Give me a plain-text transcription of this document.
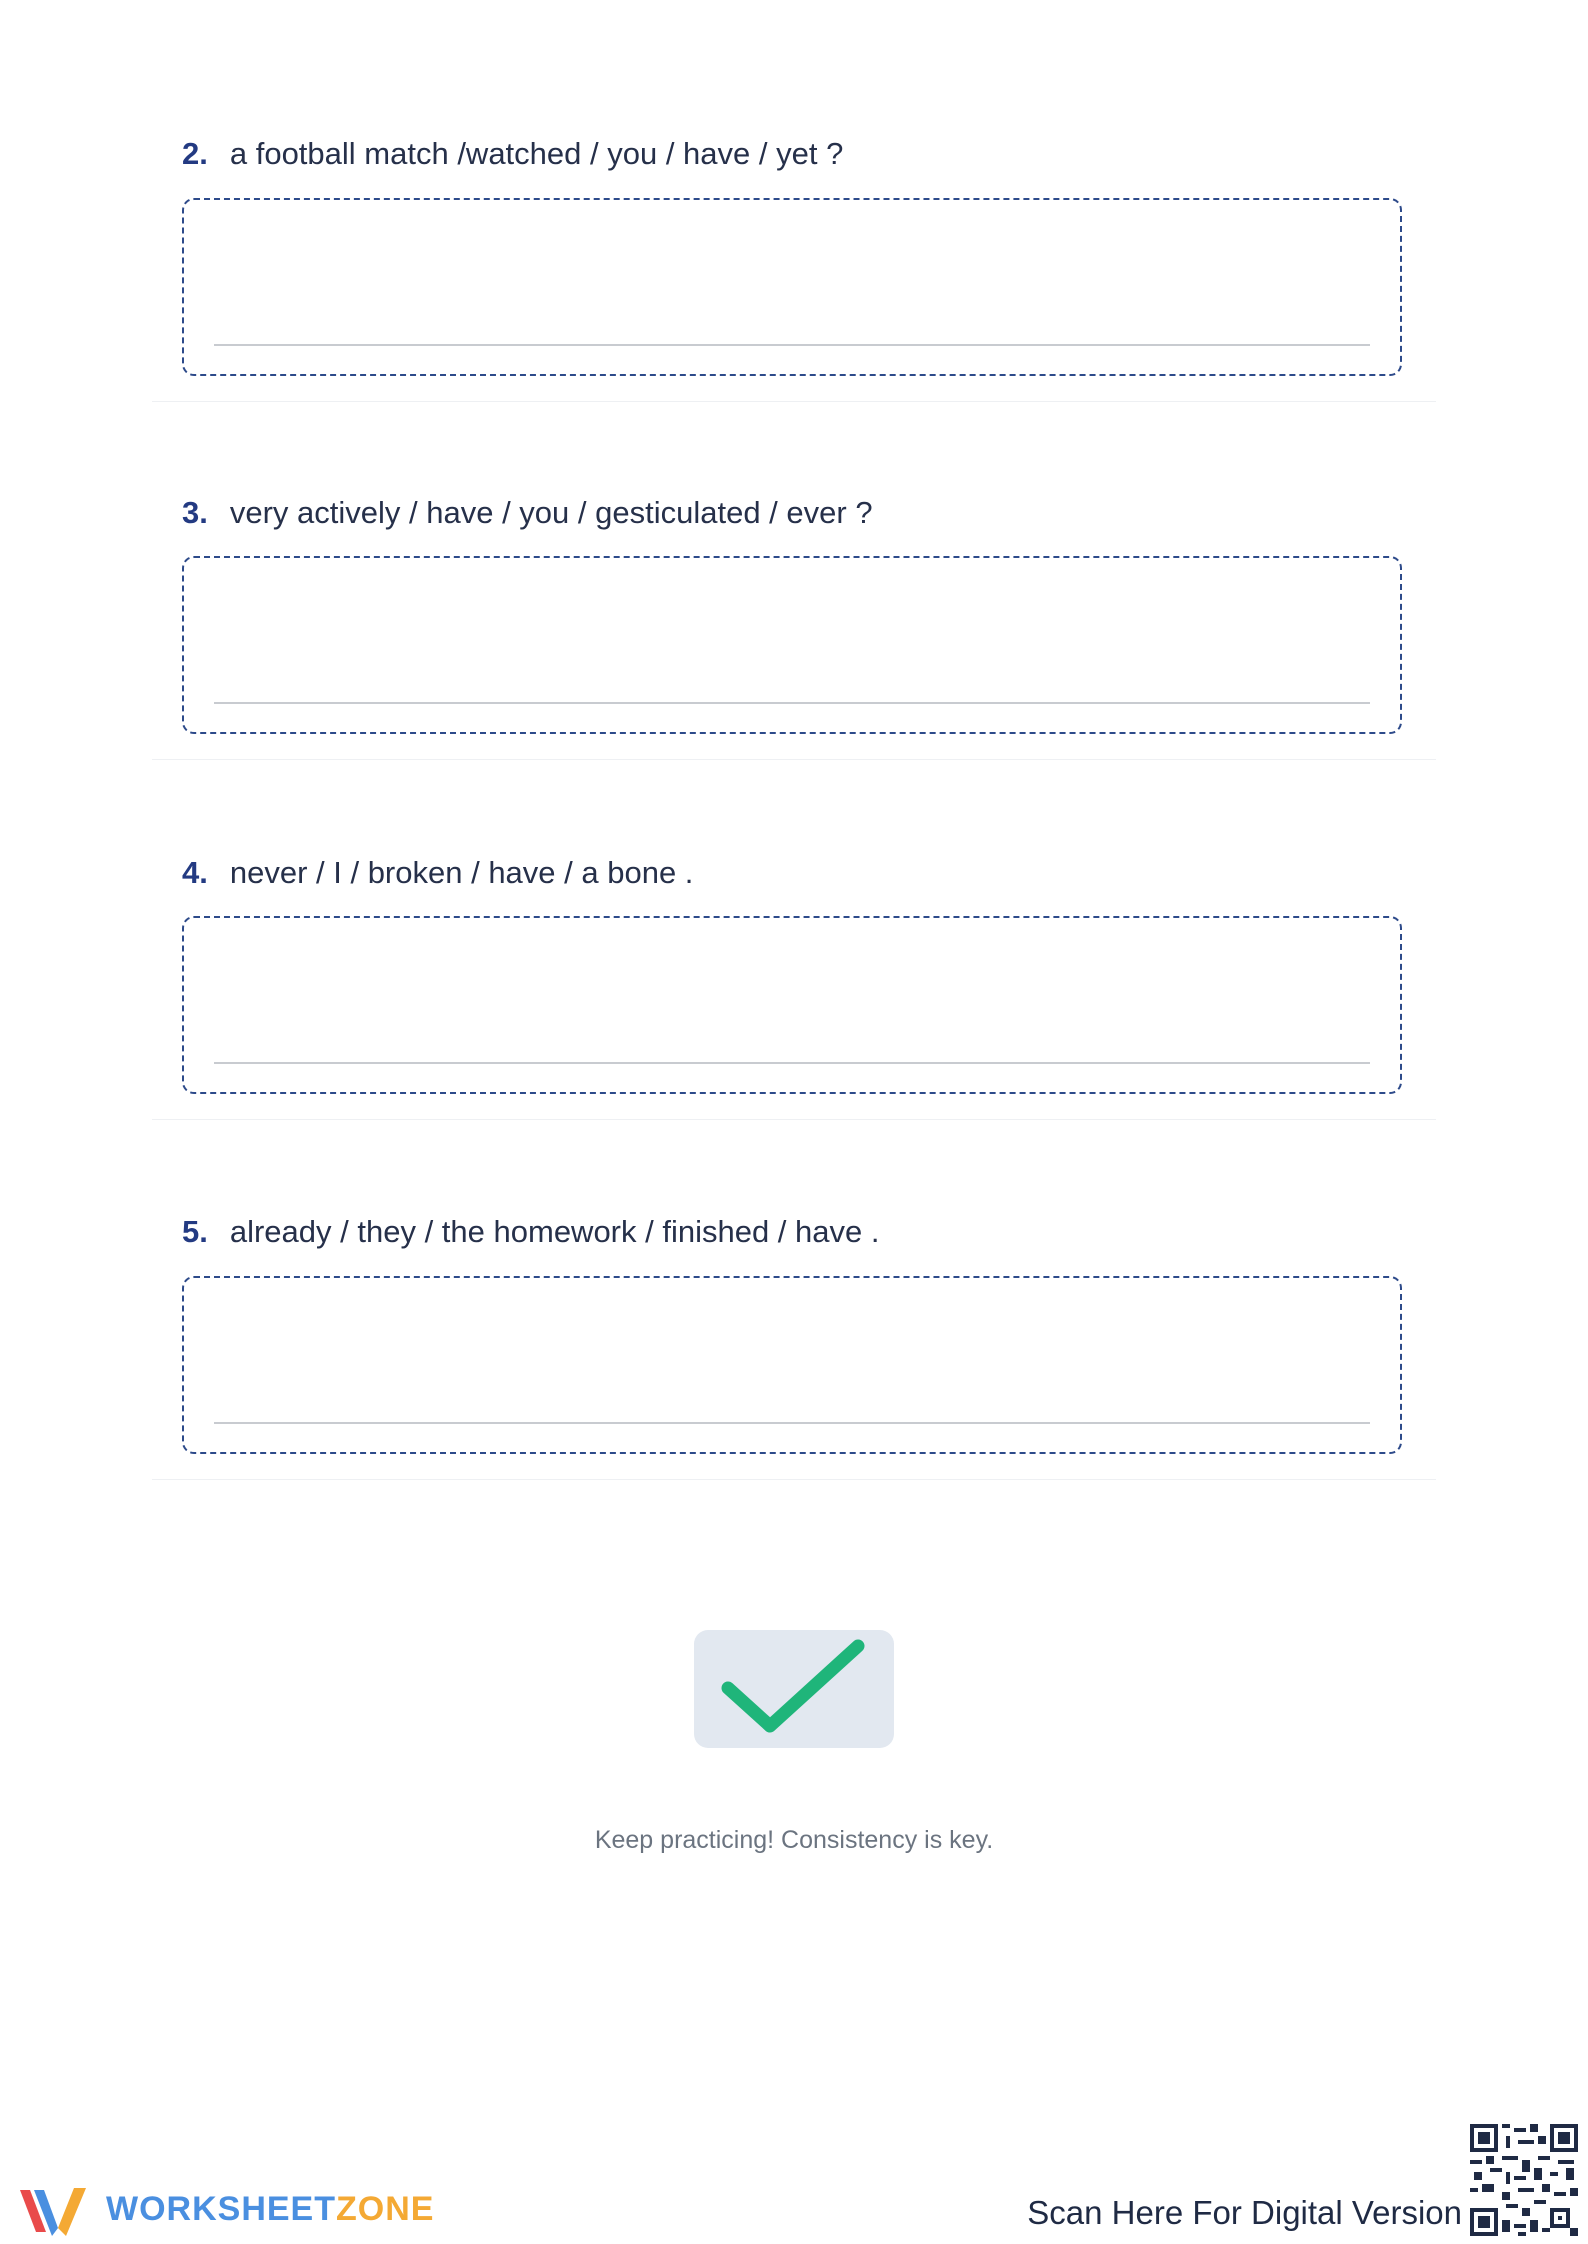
2. a football match /watched / you / have / yet ?
3. very actively / have / you / gesticulated / ever ?
4. never / I / broken / have / a bone .
5. already / they / the homework / finished / have .
Keep practicing! Consistency is key.
WORKSHEETZONE	Scan Here For Digital Version
